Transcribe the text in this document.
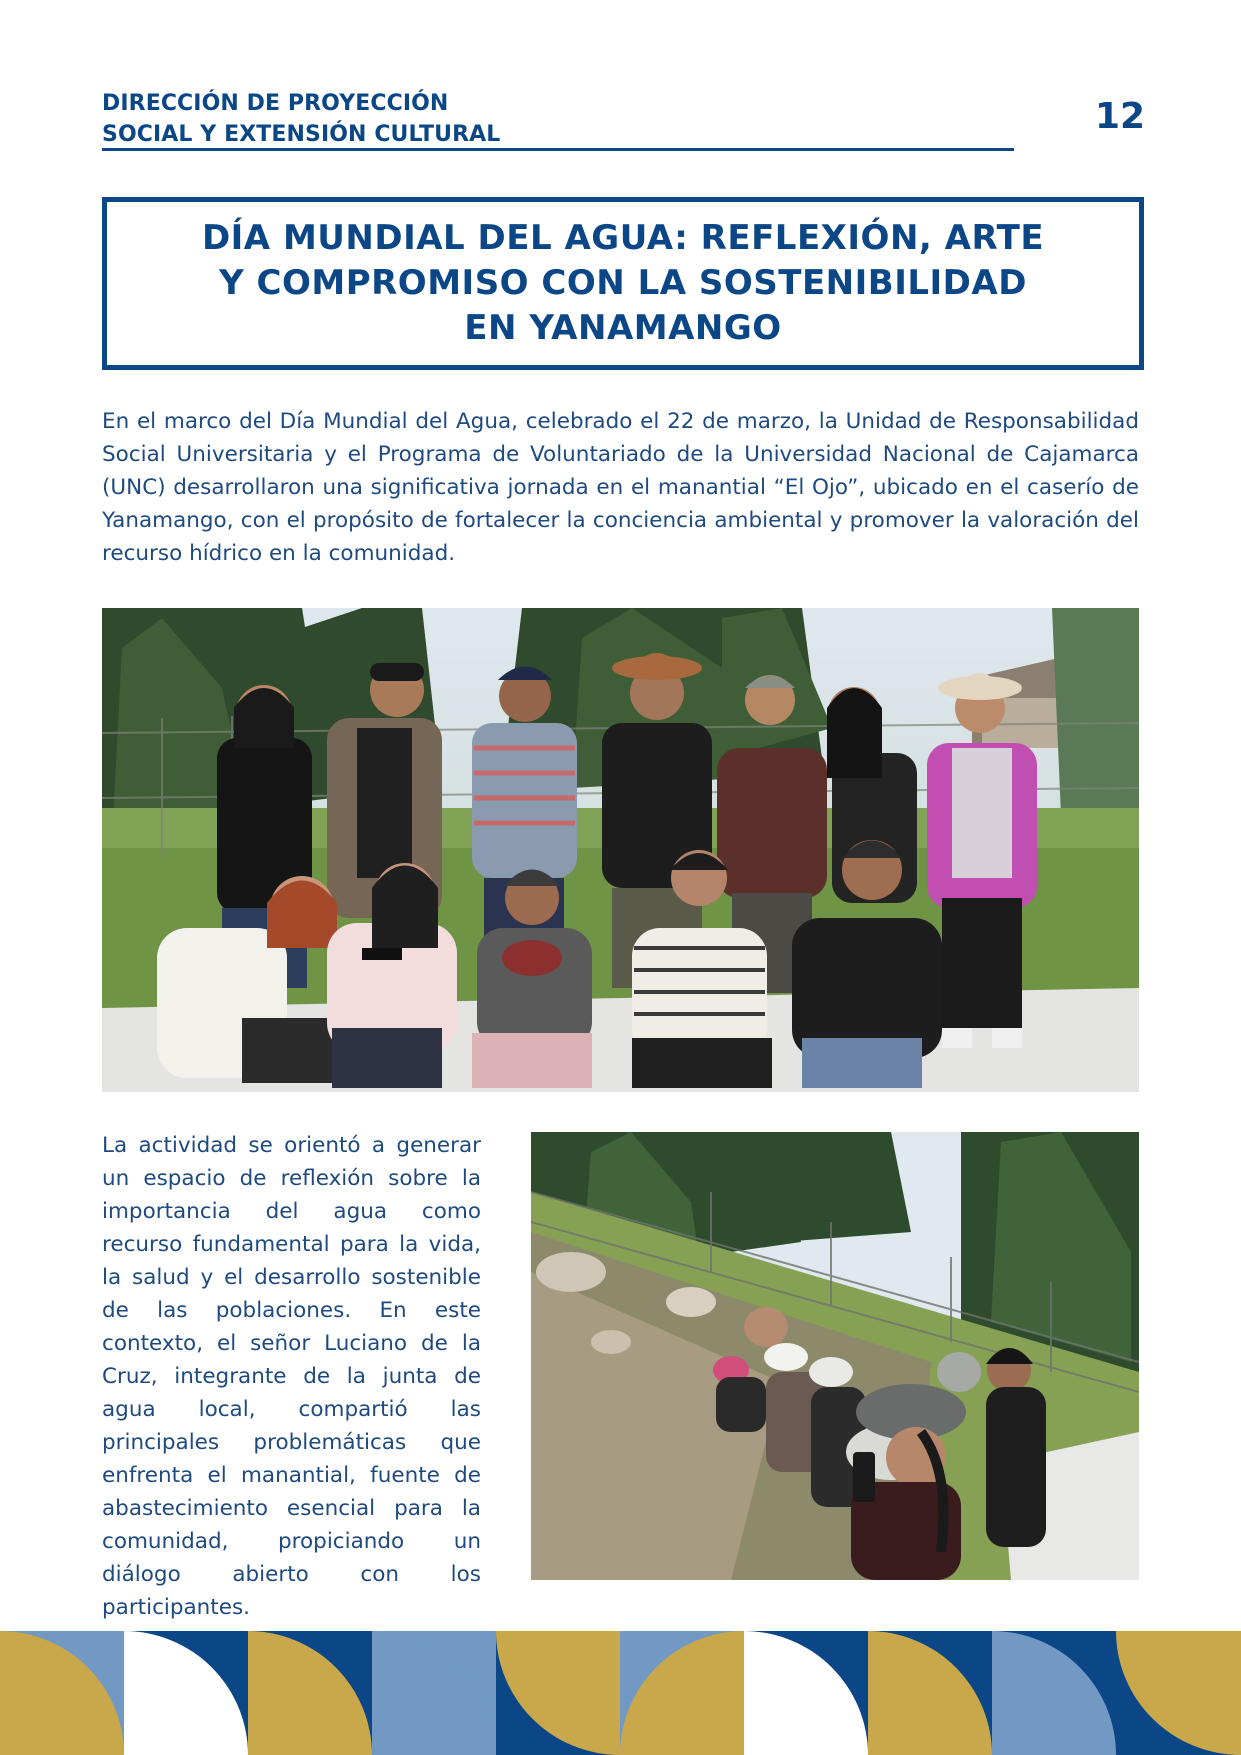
DIRECCIÓN DE PROYECCIÓN
SOCIAL Y EXTENSIÓN CULTURAL	12
DÍA MUNDIAL DEL AGUA: REFLEXIÓN, ARTE Y COMPROMISO CON LA SOSTENIBILIDAD EN YANAMANGO
En el marco del Día Mundial del Agua, celebrado el 22 de marzo, la Unidad de Responsabilidad Social Universitaria y el Programa de Voluntariado de la Universidad Nacional de Cajamarca (UNC) desarrollaron una significativa jornada en el manantial “El Ojo”, ubicado en el caserío de Yanamango, con el propósito de fortalecer la conciencia ambiental y promover la valoración del recurso hídrico en la comunidad.
La actividad se orientó a generar un espacio de reflexión sobre la importancia del agua como recurso fundamental para la vida, la salud y el desarrollo sostenible de las poblaciones. En este contexto, el señor Luciano de la Cruz, integrante de la junta de agua local, compartió las principales problemáticas que enfrenta el manantial, fuente de abastecimiento esencial para la comunidad, propiciando un diálogo abierto con los participantes.
